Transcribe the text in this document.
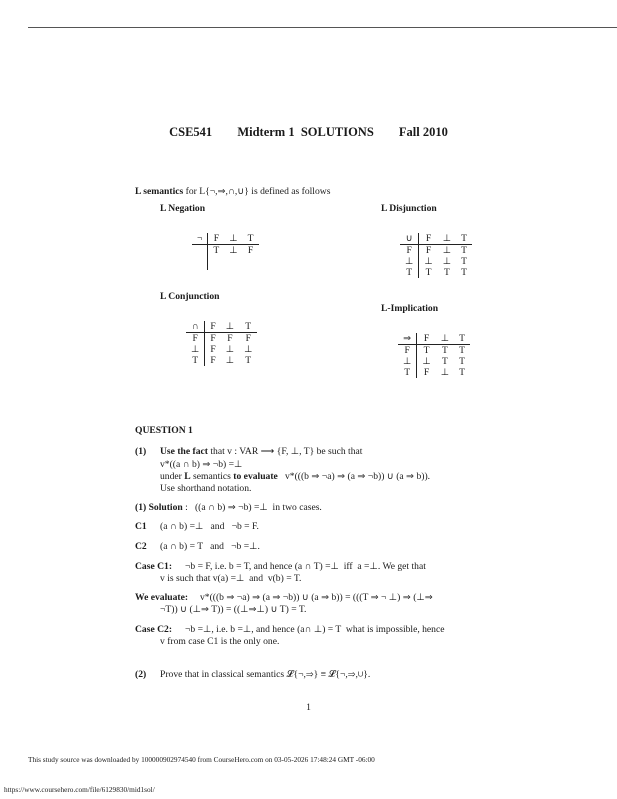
CSE541 Midterm 1  SOLUTIONS Fall 2010
L semantics for L{¬,⇒,∩,∪} is defined as follows
L Negation
¬	F	⊥	T
	T	⊥	F

L Disjunction
∪	F	⊥	T
F	F	⊥	T
⊥	⊥	⊥	T
T	T	T	T
L Conjunction
∩	F	⊥	T
F	F	F	F
⊥	F	⊥	⊥
T	F	⊥	T
L-Implication
⇒	F	⊥	T
F	T	T	T
⊥	⊥	T	T
T	F	⊥	T
QUESTION 1
(1) Use the fact that v : VAR ⟶ {F, ⊥, T} be such that
v*((a ∩ b) ⇒ ¬b) =⊥
under L semantics to evaluate   v*(((b ⇒ ¬a) ⇒ (a ⇒ ¬b)) ∪ (a ⇒ b)).
Use shorthand notation.
(1) Solution :   ((a ∩ b) ⇒ ¬b) =⊥  in two cases.
C1 (a ∩ b) =⊥   and   ¬b = F.
C2 (a ∩ b) = T   and   ¬b =⊥.
Case C1: ¬b = F, i.e. b = T, and hence (a ∩ T) =⊥  iff  a =⊥. We get that
v is such that v(a) =⊥  and  v(b) = T.
We evaluate: v*(((b ⇒ ¬a) ⇒ (a ⇒ ¬b)) ∪ (a ⇒ b)) = (((T ⇒ ¬ ⊥) ⇒ (⊥⇒
¬T)) ∪ (⊥⇒ T)) = ((⊥⇒⊥) ∪ T) = T.
Case C2: ¬b =⊥, i.e. b =⊥, and hence (a∩ ⊥) = T  what is impossible, hence
v from case C1 is the only one.
(2) Prove that in classical semantics 𝓛{¬,⇒} ≡ 𝓛{¬,⇒,∪}.
1
This study source was downloaded by 100000902974540 from CourseHero.com on 03-05-2026 17:48:24 GMT -06:00
https://www.coursehero.com/file/6129830/mid1sol/
